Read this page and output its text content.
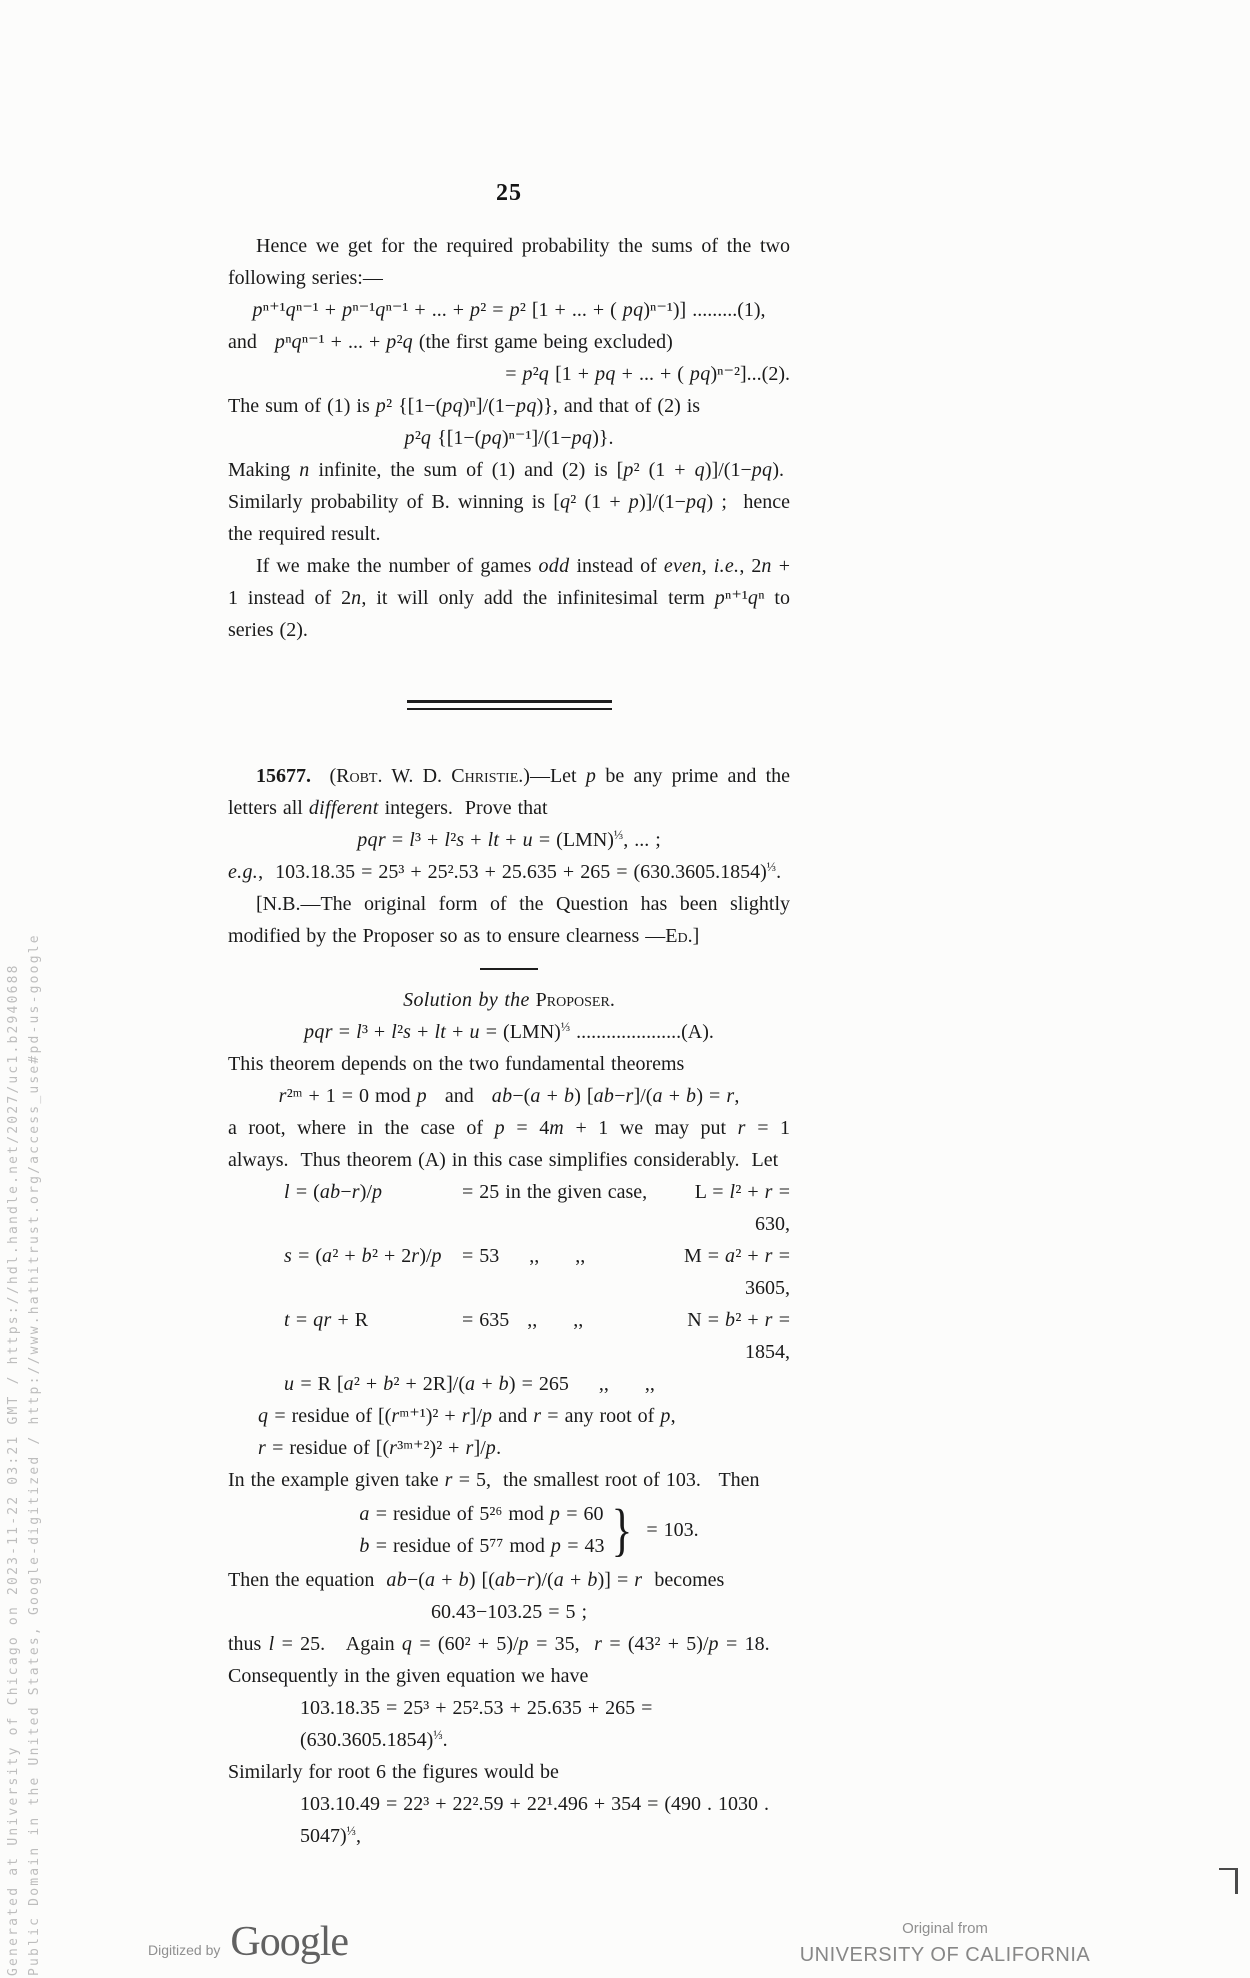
Generated at University of Chicago on 2023-11-22 03:21 GMT / https://hdl.handle.net/2027/uc1.b2940688 Public Domain in the United States, Google-digitized / http://www.hathitrust.org/access_use#pd-us-google
25
Hence we get for the required probability the sums of the two following series:—
pⁿ⁺¹qⁿ⁻¹ + pⁿ⁻¹qⁿ⁻¹ + ... + p² = p² [1 + ... + ( pq)ⁿ⁻¹)] .........(1),
and   pⁿqⁿ⁻¹ + ... + p²q (the first game being excluded)
= p²q [1 + pq + ... + ( pq)ⁿ⁻²]...(2).
The sum of (1) is p² {[1−(pq)ⁿ]/(1−pq)}, and that of (2) is
p²q {[1−(pq)ⁿ⁻¹]/(1−pq)}.
Making n infinite, the sum of (1) and (2) is [p² (1 + q)]/(1−pq).  Similarly probability of B. winning is [q² (1 + p)]/(1−pq) ;  hence the required result.
If we make the number of games odd instead of even, i.e., 2n + 1 instead of 2n, it will only add the infinitesimal term pⁿ⁺¹qⁿ to series (2).
15677.  (Robt. W. D. Christie.)—Let p be any prime and the letters all different integers.  Prove that
pqr = l³ + l²s + lt + u = (LMN)$^{\frac{1}{3}}$, ... ;
e.g.,  $103.18.35 = 25^3 + 25^2.53 + 25.635 + 265 = (630.3605.1854)^{\frac{1}{3}}$.
[N.B.—The original form of the Question has been slightly modified by the Proposer so as to ensure clearness —Ed.]
Solution by the Proposer.
pqr = l³ + l²s + lt + u = (LMN)$^{\frac{1}{3}}$ .....................(A).
This theorem depends on the two fundamental theorems
r²ᵐ + 1 = 0 mod p   and   ab−(a + b) [ab−r]/(a + b) = r,
a root, where in the case of p = 4m + 1 we may put r = 1 always.  Thus theorem (A) in this case simplifies considerably.  Let
l = (ab−r)/p	= 25 in the given case,	L = l² + r = 630,
s = (a² + b² + 2r)/p	= 53     ,,      ,,	M = a² + r = 3605,
t = qr + R	= 635   ,,      ,,	N = b² + r = 1854,
u = R [a² + b² + 2R]/(a + b) = 265     ,,      ,,
q = residue of [(rᵐ⁺¹)² + r]/p and r = any root of p,
r = residue of [(r³ᵐ⁺²)² + r]/p.
In the example given take r = 5,  the smallest root of 103.   Then
a = residue of 5²⁶ mod p = 60
b = residue of 5⁷⁷ mod p = 43 } = 103.
Then the equation  ab−(a + b) [(ab−r)/(a + b)] = r  becomes
60.43−103.25 = 5 ;
thus l = 25.   Again q = (60² + 5)/p = 35,  r = (43² + 5)/p = 18.    Consequently in the given equation we have
$103.18.35 = 25^3 + 25^2.53 + 25.635 + 265 = (630.3605.1854)^{\frac{1}{3}}$.
Similarly for root 6 the figures would be
103.10.49 = 22³ + 22².59 + 22¹.496 + 354 = (490 . 1030 . 5047)$^{\frac{1}{3}}$,
Digitized by Google	Original from
UNIVERSITY OF CALIFORNIA
